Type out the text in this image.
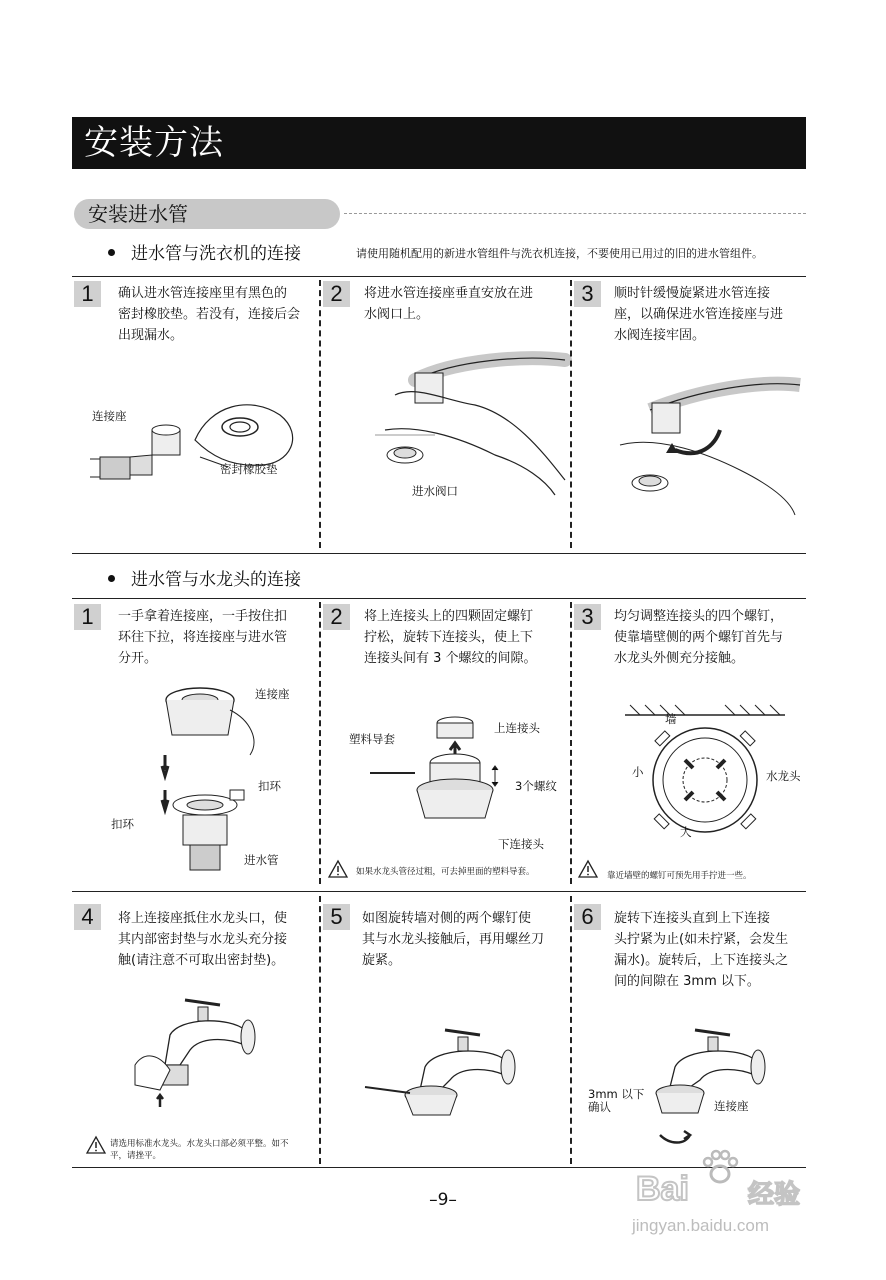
安装方法
安装进水管
进水管与洗衣机的连接	请使用随机配用的新进水管组件与洗衣机连接，不要使用已用过的旧的进水管组件。
1	确认进水管连接座里有黑色的
密封橡胶垫。若没有，连接后会
出现漏水。
2	将进水管连接座垂直安放在进
水阀口上。
3	顺时针缓慢旋紧进水管连接
座，以确保进水管连接座与进
水阀连接牢固。
连接座
密封橡胶垫
进水阀口
进水管与水龙头的连接
1	一手拿着连接座，一手按住扣
环往下拉，将连接座与进水管
分开。
2	将上连接头上的四颗固定螺钉
拧松，旋转下连接头，使上下
连接头间有 3 个螺纹的间隙。
3	均匀调整连接头的四个螺钉，
使靠墙壁侧的两个螺钉首先与
水龙头外侧充分接触。
连接座
扣环
扣环
进水管
塑料导套
上连接头
3个螺纹
下连接头
如果水龙头管径过粗，可去掉里面的塑料导套。
墙
小	水龙头
大
靠近墙壁的螺钉可预先用手拧进一些。
4	将上连接座抵住水龙头口，使
其内部密封垫与水龙头充分接
触(请注意不可取出密封垫)。
5	如图旋转墙对侧的两个螺钉使
其与水龙头接触后，再用螺丝刀
旋紧。
6	旋转下连接头直到上下连接
头拧紧为止(如未拧紧，会发生
漏水)。旋转后，上下连接头之
间的间隙在 3mm 以下。
请选用标准水龙头。水龙头口部必须平整。如不
平，请挫平。
3mm 以下
确认	连接座
–9–	Bai 经验
jingyan.baidu.com
